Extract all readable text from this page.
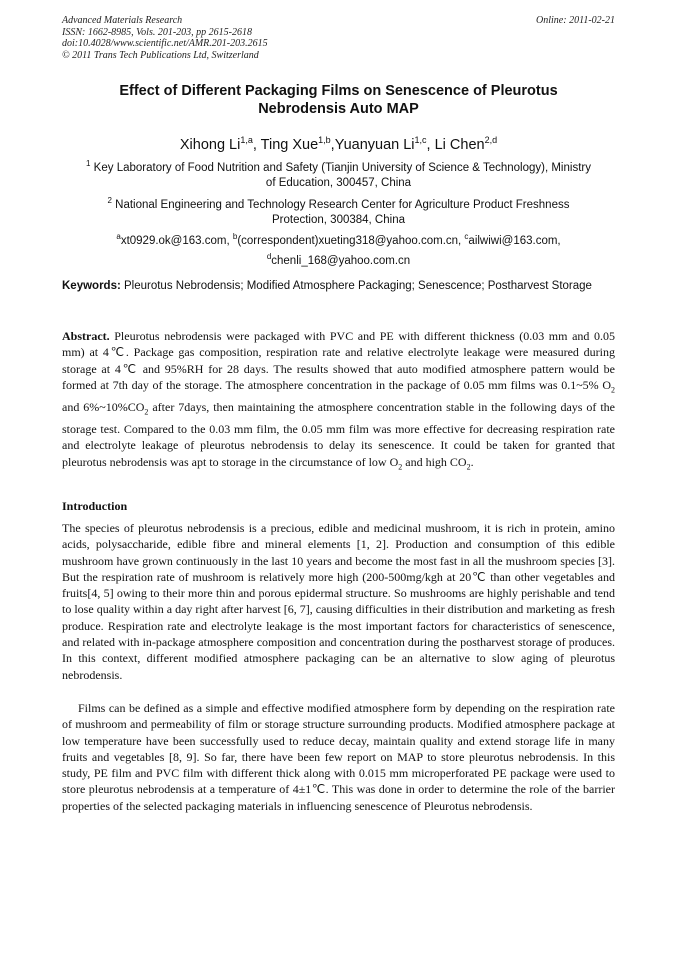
Advanced Materials Research
ISSN: 1662-8985, Vols. 201-203, pp 2615-2618
doi:10.4028/www.scientific.net/AMR.201-203.2615
© 2011 Trans Tech Publications Ltd, Switzerland
Online: 2011-02-21
Effect of Different Packaging Films on Senescence of Pleurotus
Nebrodensis Auto MAP
Xihong Li$^{1,a}$, Ting Xue$^{1,b}$,Yuanyuan Li$^{1,c}$, Li Chen$^{2,d}$
$^1$ Key Laboratory of Food Nutrition and Safety (Tianjin University of Science & Technology), Ministry
of Education, 300457, China
$^2$ National Engineering and Technology Research Center for Agriculture Product Freshness
Protection, 300384, China
$^a$xt0929.ok@163.com, $^b$(correspondent)xueting318@yahoo.com.cn, $^c$ailwiwi@163.com,
$^d$chenli_168@yahoo.com.cn
Keywords: Pleurotus Nebrodensis; Modified Atmosphere Packaging; Senescence; Postharvest Storage
Abstract. Pleurotus nebrodensis were packaged with PVC and PE with different thickness (0.03 mm and 0.05 mm) at 4℃. Package gas composition, respiration rate and relative electrolyte leakage were measured during storage at 4℃ and 95%RH for 28 days. The results showed that auto modified atmosphere pattern would be formed at 7th day of the storage. The atmosphere concentration in the package of 0.05 mm films was 0.1~5% $O_2$ and $6\%\sim 10\%CO_2$ after 7days, then maintaining the atmosphere concentration stable in the following days of the storage test. Compared to the 0.03 mm film, the 0.05 mm film was more effective for decreasing respiration rate and electrolyte leakage of pleurotus nebrodensis to delay its senescence. It could be taken for granted that pleurotus nebrodensis was apt to storage in the circumstance of low $O_2$ and high $CO_2$.
Introduction
The species of pleurotus nebrodensis is a precious, edible and medicinal mushroom, it is rich in protein, amino acids, polysaccharide, edible fibre and mineral elements [1, 2]. Production and consumption of this edible mushroom have grown continuously in the last 10 years and become the most fast in all the mushroom species [3]. But the respiration rate of mushroom is relatively more high (200-500mg/kgh at 20℃ than other vegetables and fruits[4, 5] owing to their more thin and porous epidermal structure. So mushrooms are highly perishable and tend to lose quality within a day right after harvest [6, 7], causing difficulties in their distribution and marketing as fresh produce. Respiration rate and electrolyte leakage is the most important factors for characteristics of senescence, and related with in-package atmosphere composition and concentration during the postharvest storage of produces. In this context, different modified atmosphere packaging can be an alternative to slow aging of pleurotus nebrodensis.
Films can be defined as a simple and effective modified atmosphere form by depending on the respiration rate of mushroom and permeability of film or storage structure surrounding products. Modified atmosphere package at low temperature have been successfully used to reduce decay, maintain quality and extend storage life in many fruits and vegetables [8, 9]. So far, there have been few report on MAP to store pleurotus nebrodensis. In this study, PE film and PVC film with different thick along with 0.015 mm microperforated PE package were used to store pleurotus nebrodensis at a temperature of 4±1℃. This was done in order to determine the role of the barrier properties of the selected packaging materials in influencing senescence of Pleurotus nebrodensis.
